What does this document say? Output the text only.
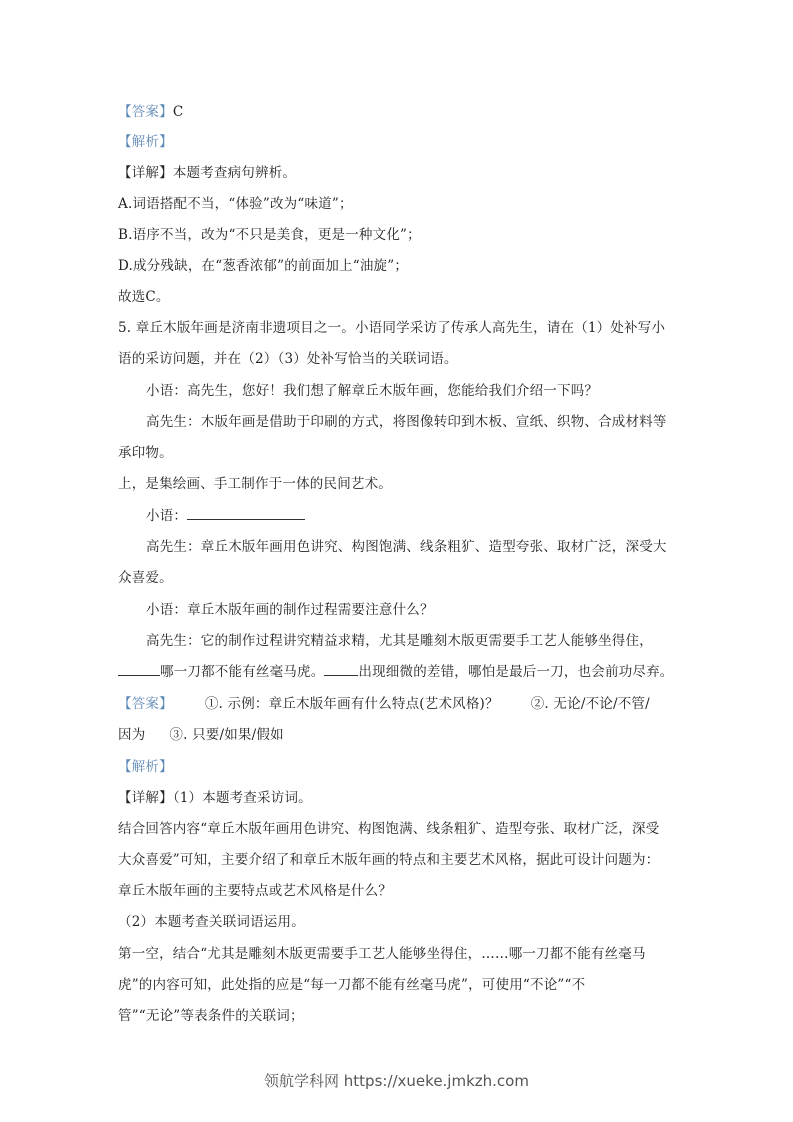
【答案】C
【解析】
【详解】本题考查病句辨析。
A.词语搭配不当，“体验”改为“味道”；
B.语序不当，改为“不只是美食，更是一种文化”；
D.成分残缺，在“葱香浓郁”的前面加上“油旋”；
故选C。
5. 章丘木版年画是济南非遗项目之一。小语同学采访了传承人高先生，请在（1）处补写小
语的采访问题，并在（2）（3）处补写恰当的关联词语。
小语：高先生，您好！我们想了解章丘木版年画，您能给我们介绍一下吗？
高先生：木版年画是借助于印刷的方式，将图像转印到木板、宣纸、织物、合成材料等
承印物。
上，是集绘画、手工制作于一体的民间艺术。
小语：
高先生：章丘木版年画用色讲究、构图饱满、线条粗犷、造型夸张、取材广泛，深受大
众喜爱。
小语：章丘木版年画的制作过程需要注意什么？
高先生：它的制作过程讲究精益求精，尤其是雕刻木版更需要手工艺人能够坐得住，
哪一刀都不能有丝毫马虎。	出现细微的差错，哪怕是最后一刀，也会前功尽弃。
【答案】 ①. 示例：章丘木版年画有什么特点(艺术风格)？ ②. 无论/不论/不管/
因为 ③. 只要/如果/假如
【解析】
【详解】（1）本题考查采访词。
结合回答内容“章丘木版年画用色讲究、构图饱满、线条粗犷、造型夸张、取材广泛，深受
大众喜爱”可知，主要介绍了和章丘木版年画的特点和主要艺术风格，据此可设计问题为：
章丘木版年画的主要特点或艺术风格是什么？
（2）本题考查关联词语运用。
第一空，结合“尤其是雕刻木版更需要手工艺人能够坐得住，……哪一刀都不能有丝毫马
虎”的内容可知，此处指的应是“每一刀都不能有丝毫马虎”，可使用“不论”“不
管”“无论”等表条件的关联词；
领航学科网 https://xueke.jmkzh.com
